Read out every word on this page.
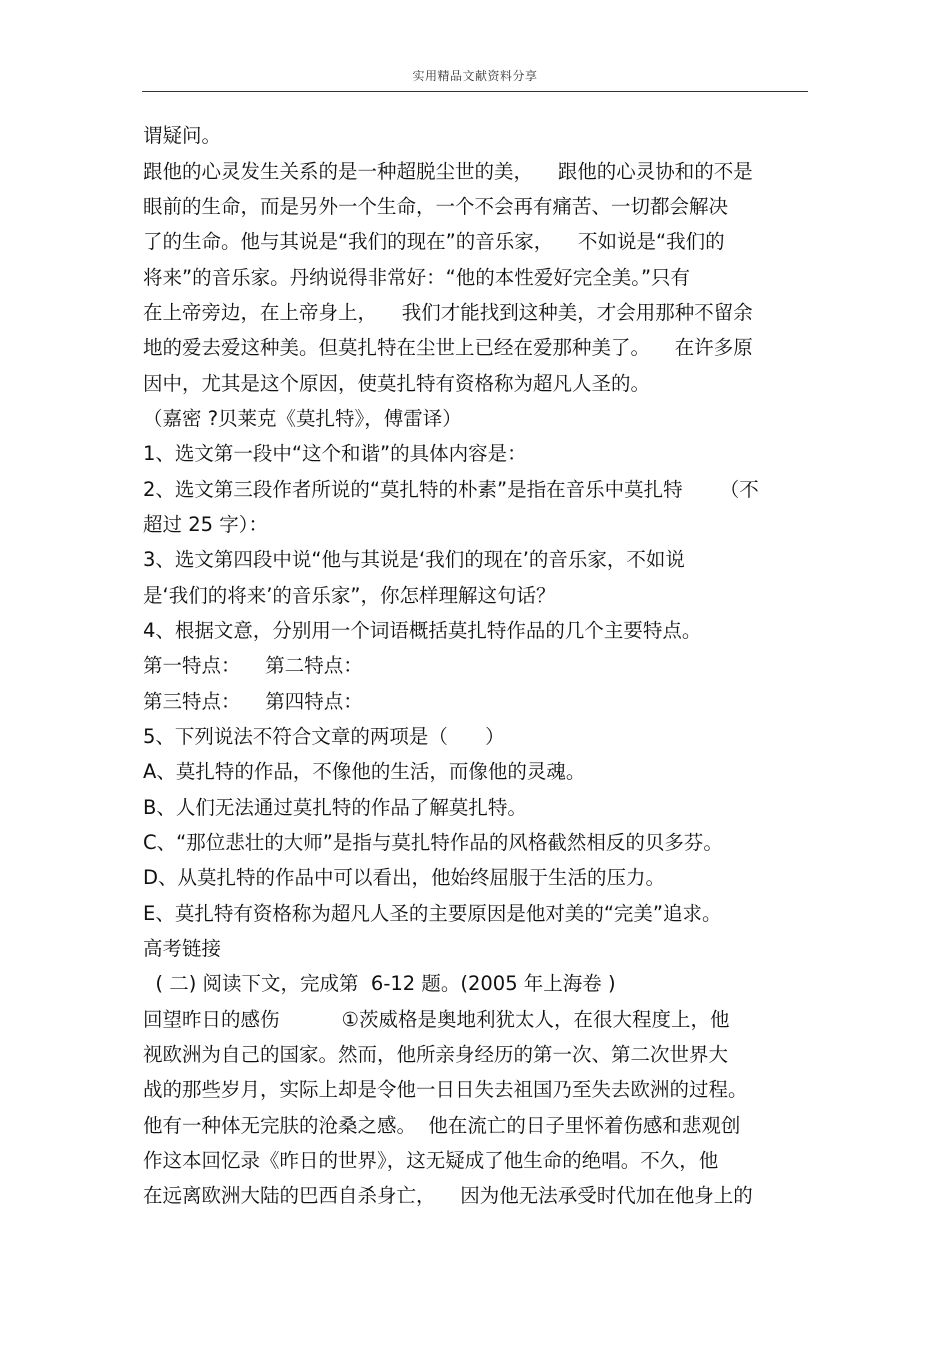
实用精品文献资料分享
谓疑问。
跟他的心灵发生关系的是一种超脱尘世的美，    跟他的心灵协和的不是
眼前的生命，而是另外一个生命，一个不会再有痛苦、一切都会解决
了的生命。他与其说是“我们的现在”的音乐家，    不如说是“我们的
将来”的音乐家。丹纳说得非常好：“他的本性爱好完全美。”只有
在上帝旁边，在上帝身上，    我们才能找到这种美，才会用那种不留余
地的爱去爱这种美。但莫扎特在尘世上已经在爱那种美了。    在许多原
因中，尤其是这个原因，使莫扎特有资格称为超凡人圣的。
（嘉密 ?贝莱克《莫扎特》，傅雷译）
1、选文第一段中“这个和谐”的具体内容是：
2、选文第三段作者所说的“莫扎特的朴素”是指在音乐中莫扎特      （不
超过 25 字）：
3、选文第四段中说“他与其说是‘我们的现在’的音乐家，不如说
是‘我们的将来’的音乐家”，你怎样理解这句话？
4、根据文意，分别用一个词语概括莫扎特作品的几个主要特点。
第一特点：    第二特点：
第三特点：    第四特点：
5、下列说法不符合文章的两项是（      ）
A、莫扎特的作品，不像他的生活，而像他的灵魂。
B、人们无法通过莫扎特的作品了解莫扎特。
C、“那位悲壮的大师”是指与莫扎特作品的风格截然相反的贝多芬。
D、从莫扎特的作品中可以看出，他始终屈服于生活的压力。
E、莫扎特有资格称为超凡人圣的主要原因是他对美的“完美”追求。
高考链接
( 二) 阅读下文，完成第  6-12 题。(2005 年上海卷 )
回望昨日的感伤          ①茨威格是奥地利犹太人，在很大程度上，他
视欧洲为自己的国家。然而，他所亲身经历的第一次、第二次世界大
战的那些岁月，实际上却是令他一日日失去祖国乃至失去欧洲的过程。
他有一种体无完肤的沧桑之感。  他在流亡的日子里怀着伤感和悲观创
作这本回忆录《昨日的世界》，这无疑成了他生命的绝唱。不久，他
在远离欧洲大陆的巴西自杀身亡，    因为他无法承受时代加在他身上的
